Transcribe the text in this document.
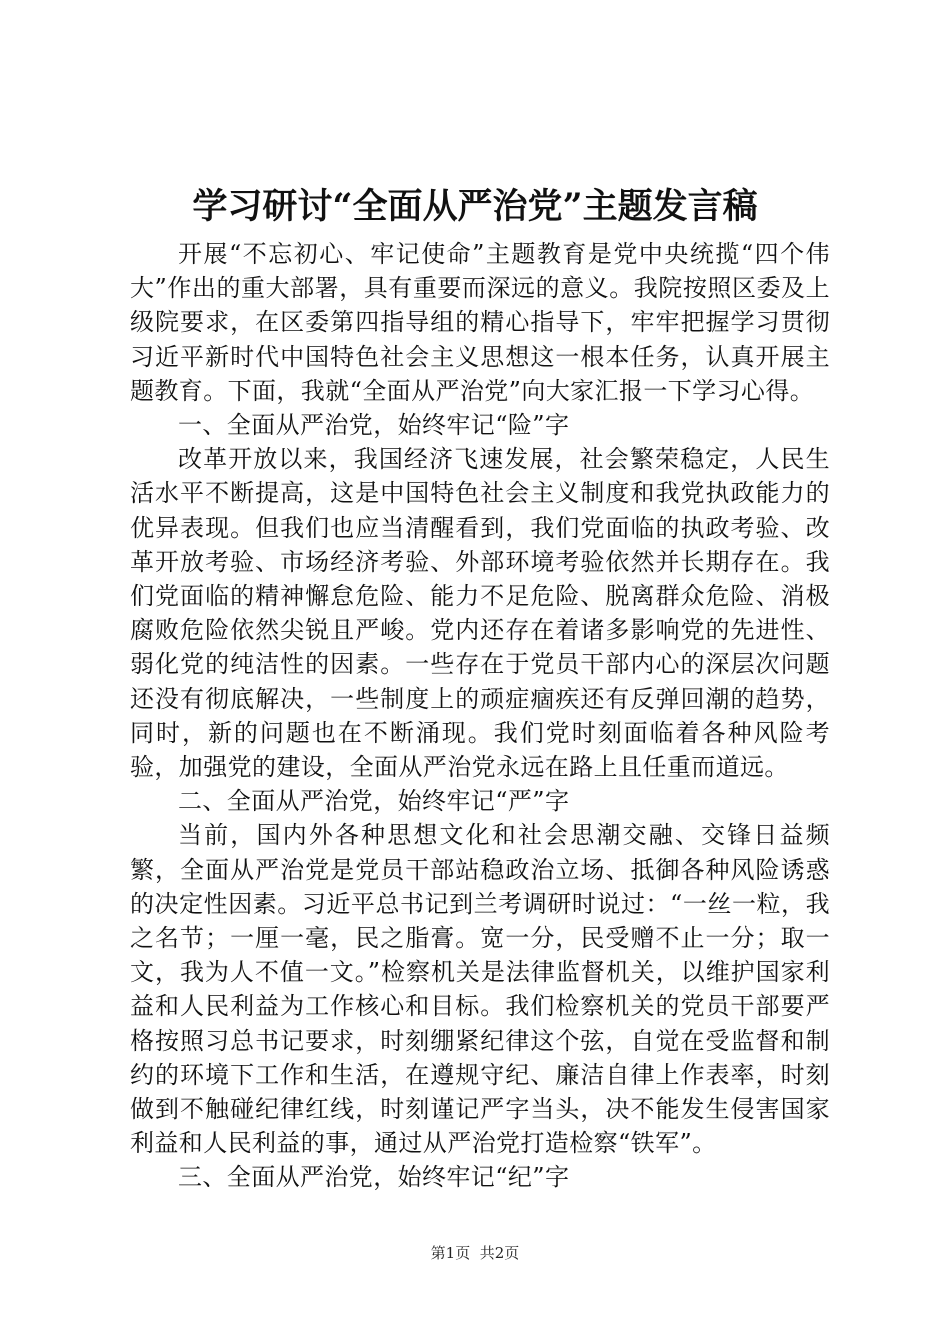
学习研讨“全面从严治党”主题发言稿

开展“不忘初心、牢记使命”主题教育是党中央统揽“四个伟大”作出的重大部署，具有重要而深远的意义。我院按照区委及上级院要求，在区委第四指导组的精心指导下，牢牢把握学习贯彻习近平新时代中国特色社会主义思想这一根本任务，认真开展主题教育。下面，我就“全面从严治党”向大家汇报一下学习心得。

一、全面从严治党，始终牢记“险”字

改革开放以来，我国经济飞速发展，社会繁荣稳定，人民生活水平不断提高，这是中国特色社会主义制度和我党执政能力的优异表现。但我们也应当清醒看到，我们党面临的执政考验、改革开放考验、市场经济考验、外部环境考验依然并长期存在。我们党面临的精神懈怠危险、能力不足危险、脱离群众危险、消极腐败危险依然尖锐且严峻。党内还存在着诸多影响党的先进性、弱化党的纯洁性的因素。一些存在于党员干部内心的深层次问题还没有彻底解决，一些制度上的顽症痼疾还有反弹回潮的趋势，同时，新的问题也在不断涌现。我们党时刻面临着各种风险考验，加强党的建设，全面从严治党永远在路上且任重而道远。

二、全面从严治党，始终牢记“严”字

当前，国内外各种思想文化和社会思潮交融、交锋日益频繁，全面从严治党是党员干部站稳政治立场、抵御各种风险诱惑的决定性因素。习近平总书记到兰考调研时说过：“一丝一粒，我之名节；一厘一毫，民之脂膏。宽一分，民受赠不止一分；取一文，我为人不值一文。”检察机关是法律监督机关，以维护国家利益和人民利益为工作核心和目标。我们检察机关的党员干部要严格按照习总书记要求，时刻绷紧纪律这个弦，自觉在受监督和制约的环境下工作和生活，在遵规守纪、廉洁自律上作表率，时刻做到不触碰纪律红线，时刻谨记严字当头，决不能发生侵害国家利益和人民利益的事，通过从严治党打造检察“铁军”。

三、全面从严治党，始终牢记“纪”字

第1页 共2页
